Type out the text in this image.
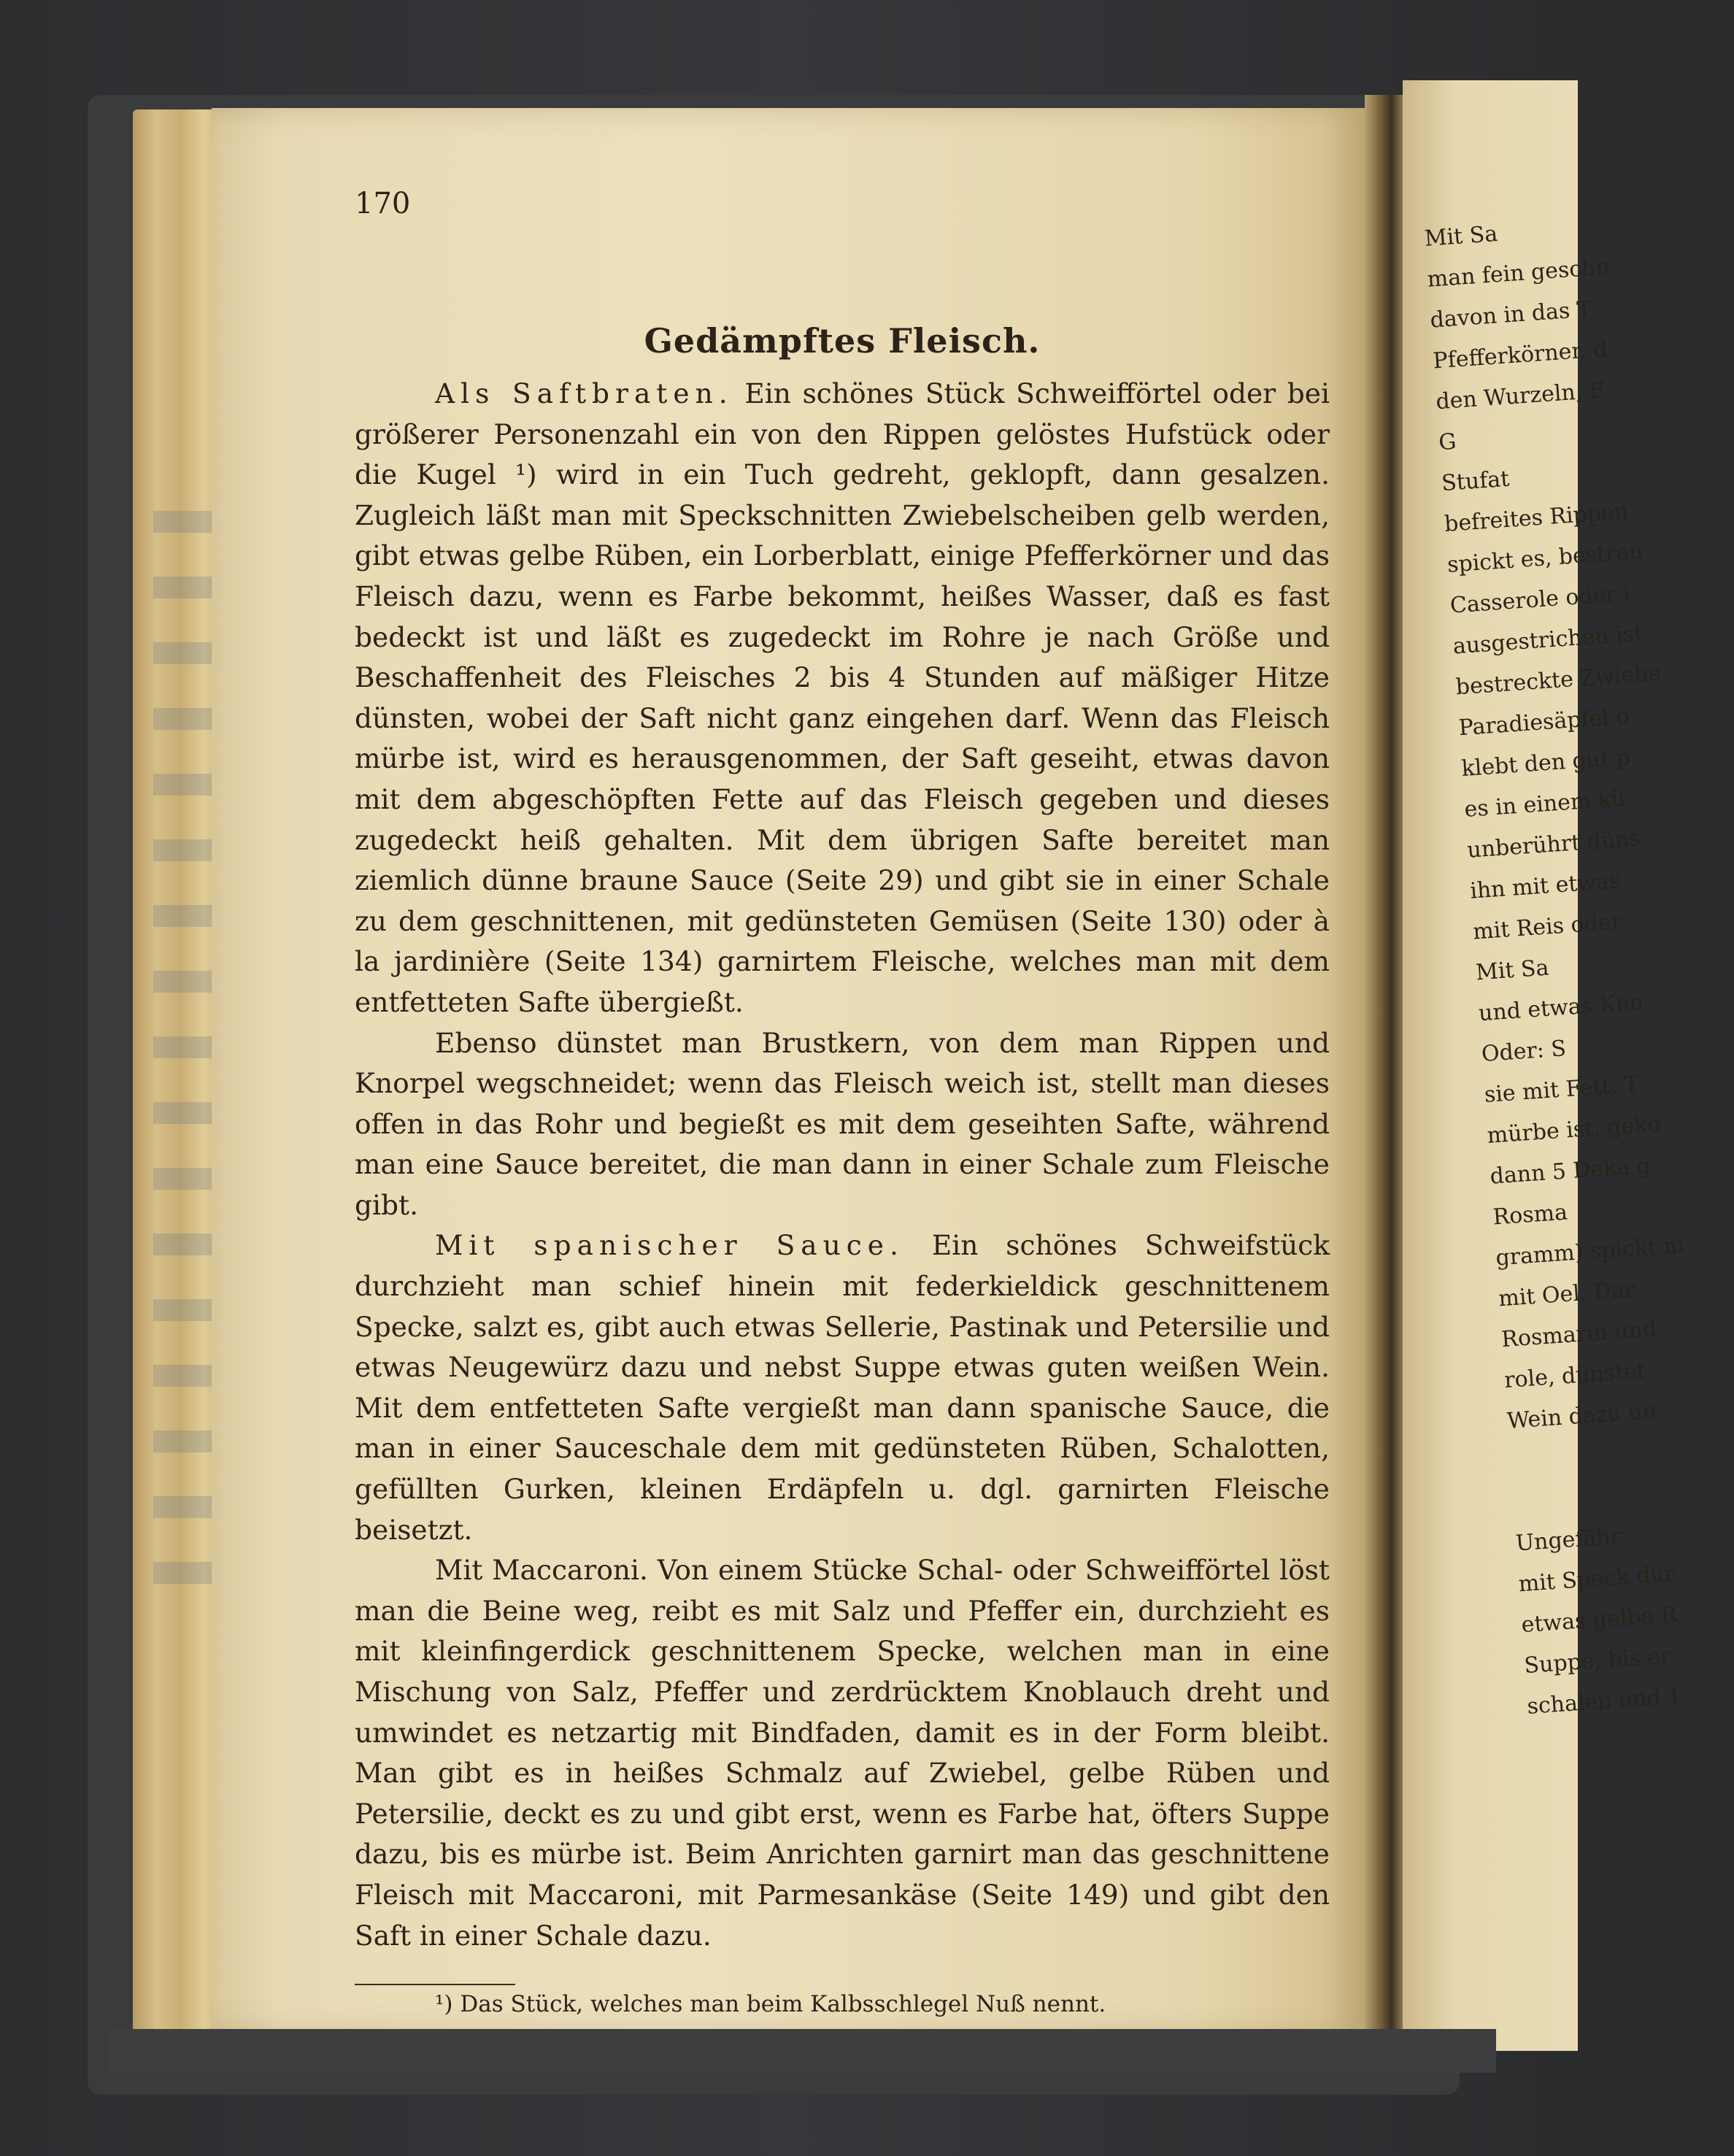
170
Gedämpftes Fleisch.

Als Saftbraten. Ein schönes Stück Schweifförtel oder bei größerer Personenzahl ein von den Rippen gelöstes Hufstück oder die Kugel ¹) wird in ein Tuch gedreht, geklopft, dann gesalzen. Zugleich läßt man mit Speckschnitten Zwiebelscheiben gelb werden, gibt etwas gelbe Rüben, ein Lorberblatt, einige Pfefferkörner und das Fleisch dazu, wenn es Farbe bekommt, heißes Wasser, daß es fast bedeckt ist und läßt es zugedeckt im Rohre je nach Größe und Beschaffenheit des Fleisches 2 bis 4 Stunden auf mäßiger Hitze dünsten, wobei der Saft nicht ganz eingehen darf. Wenn das Fleisch mürbe ist, wird es herausgenommen, der Saft geseiht, etwas davon mit dem abgeschöpften Fette auf das Fleisch gegeben und dieses zugedeckt heiß gehalten. Mit dem übrigen Safte bereitet man ziemlich dünne braune Sauce (Seite 29) und gibt sie in einer Schale zu dem geschnittenen, mit gedünsteten Gemüsen (Seite 130) oder à la jardinière (Seite 134) garnirtem Fleische, welches man mit dem entfetteten Safte übergießt.

Ebenso dünstet man Brustkern, von dem man Rippen und Knorpel wegschneidet; wenn das Fleisch weich ist, stellt man dieses offen in das Rohr und begießt es mit dem geseihten Safte, während man eine Sauce bereitet, die man dann in einer Schale zum Fleische gibt.

Mit spanischer Sauce. Ein schönes Schweifstück durchzieht man schief hinein mit federkieldick geschnittenem Specke, salzt es, gibt auch etwas Sellerie, Pastinak und Petersilie und etwas Neugewürz dazu und nebst Suppe etwas guten weißen Wein. Mit dem entfetteten Safte vergießt man dann spanische Sauce, die man in einer Sauceschale dem mit gedünsteten Rüben, Schalotten, gefüllten Gurken, kleinen Erdäpfeln u. dgl. garnirten Fleische beisetzt.

Mit Maccaroni. Von einem Stücke Schal- oder Schweifförtel löst man die Beine weg, reibt es mit Salz und Pfeffer ein, durchzieht es mit kleinfingerdick geschnittenem Specke, welchen man in eine Mischung von Salz, Pfeffer und zerdrücktem Knoblauch dreht und umwindet es netzartig mit Bindfaden, damit es in der Form bleibt. Man gibt es in heißes Schmalz auf Zwiebel, gelbe Rüben und Petersilie, deckt es zu und gibt erst, wenn es Farbe hat, öfters Suppe dazu, bis es mürbe ist. Beim Anrichten garnirt man das geschnittene Fleisch mit Maccaroni, mit Parmesankäse (Seite 149) und gibt den Saft in einer Schale dazu.

¹) Das Stück, welches man beim Kalbsschlegel Nuß nennt.
Mit Sa
man fein geschn
davon in das T
Pfefferkörner, d
den Wurzeln, F
G
Stufat
befreites Rippen
spickt es, bestreu
Casserole oder i
ausgestrichen ist
bestreckte Zwiebe
Paradiesäpfel o
klebt den gut p
es in einem kü
unberührt düns
ihn mit etwas
mit Reis oder
Mit Sa
und etwas Kno
Oder: S
sie mit Fett, T
mürbe ist, geko
dann 5 Deka g
Rosma
gramm) spickt m
mit Oel. Dar
Rosmarin und
role, dünstet
Wein dazu un
Ungefähr
mit Speck dur
etwas gelbe R
Suppe, bis er
schalen und 1
